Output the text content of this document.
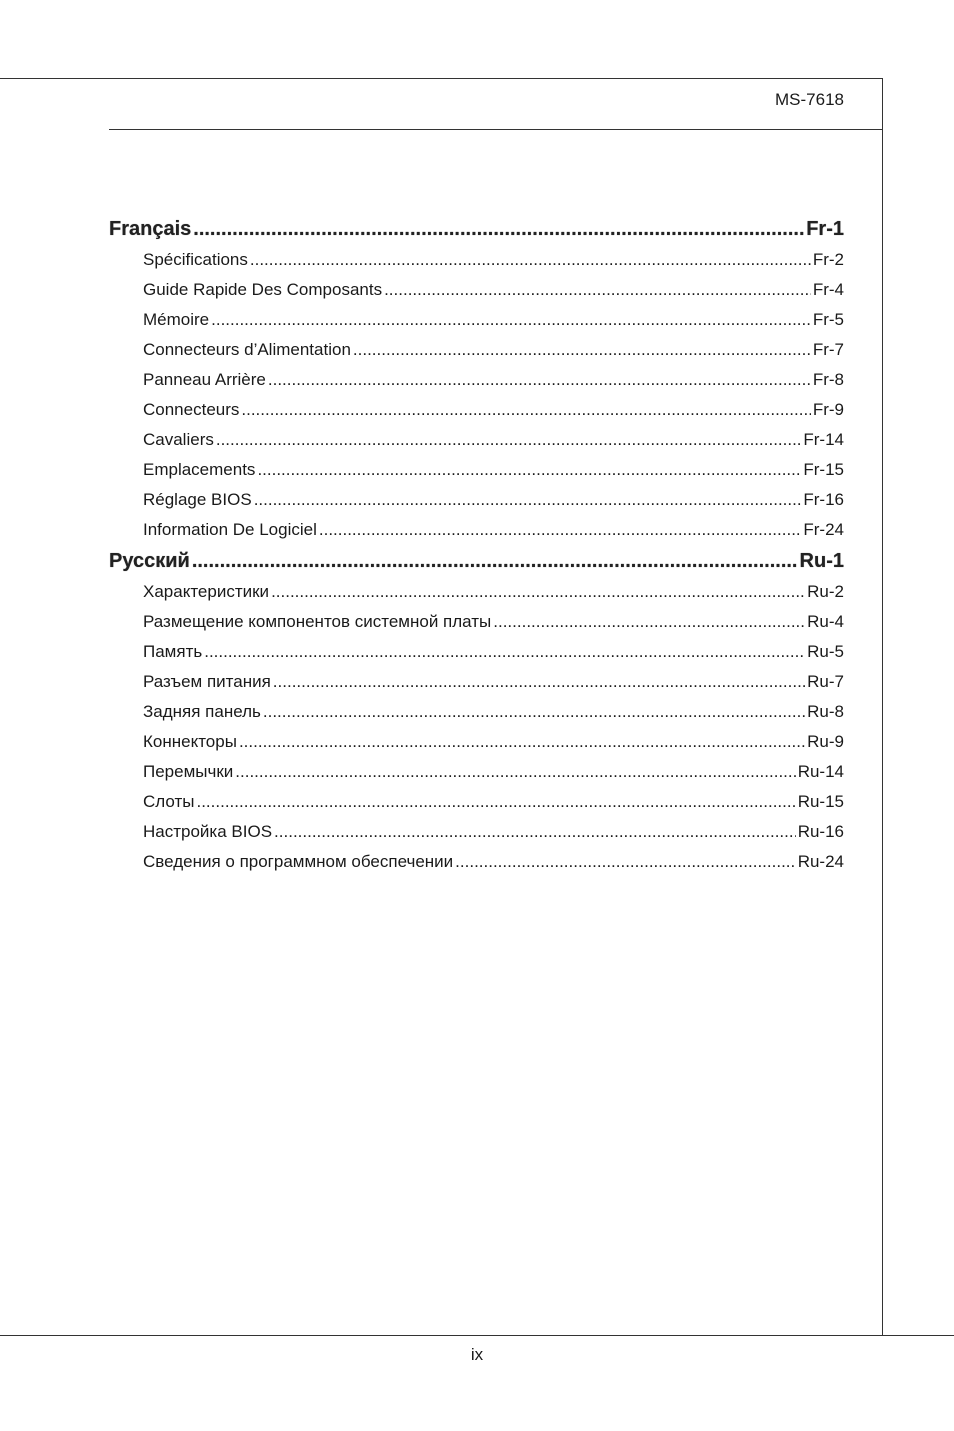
MS-7618
Français .....	Fr-1
Spécifications .....	Fr-2
Guide Rapide Des Composants .....	Fr-4
Mémoire .....	Fr-5
Connecteurs d’Alimentation .....	Fr-7
Panneau Arrière .....	Fr-8
Connecteurs .....	Fr-9
Cavaliers .....	Fr-14
Emplacements .....	Fr-15
Réglage BIOS .....	Fr-16
Information De Logiciel .....	Fr-24
Русский .....	Ru-1
Характеристики .....	Ru-2
Размещение компонентов системной платы .....	Ru-4
Память .....	Ru-5
Разъем питания .....	Ru-7
Задняя панель .....	Ru-8
Коннекторы .....	Ru-9
Перемычки .....	Ru-14
Слоты .....	Ru-15
Настройка BIOS .....	Ru-16
Сведения о программном обеспечении .....	Ru-24
ix
